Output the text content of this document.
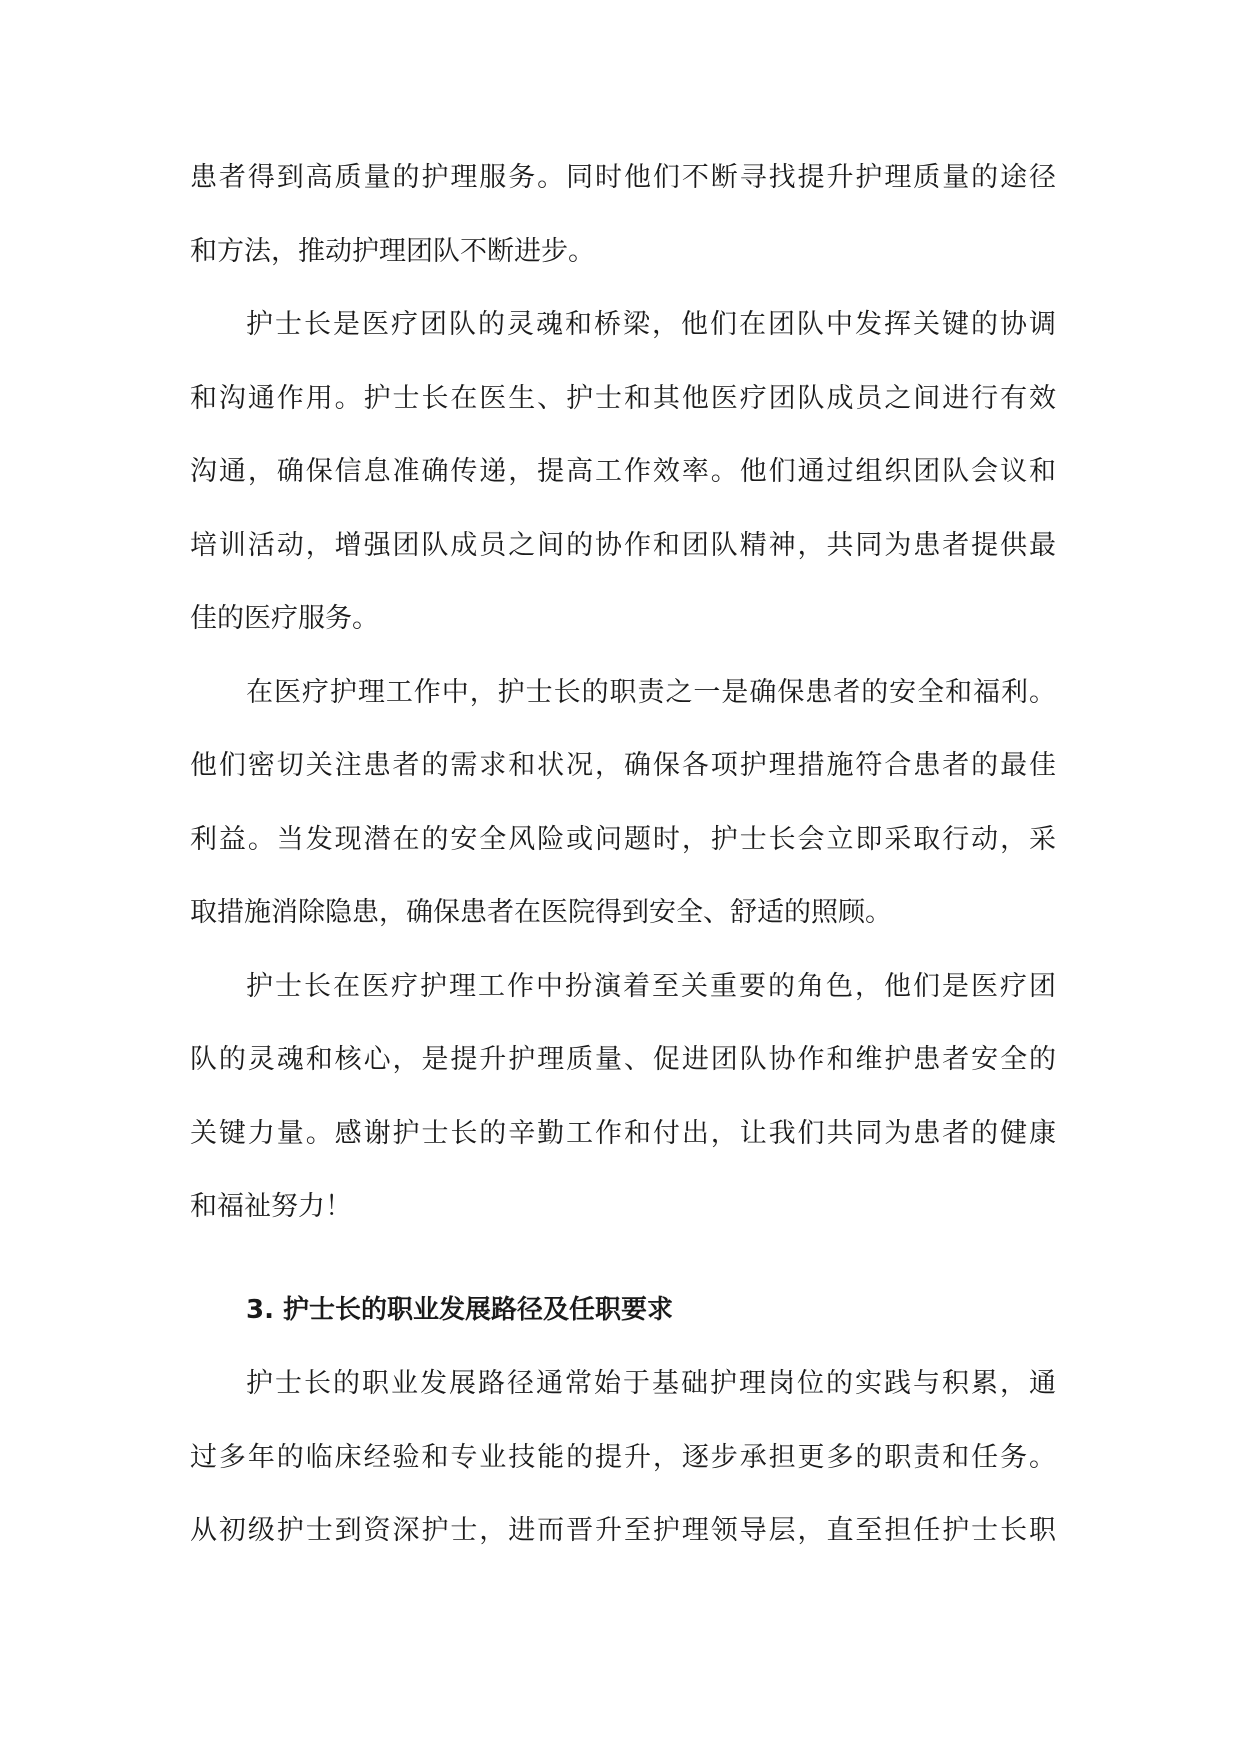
患者得到高质量的护理服务。同时他们不断寻找提升护理质量的途径
和方法，推动护理团队不断进步。
护士长是医疗团队的灵魂和桥梁，他们在团队中发挥关键的协调
和沟通作用。护士长在医生、护士和其他医疗团队成员之间进行有效
沟通，确保信息准确传递，提高工作效率。他们通过组织团队会议和
培训活动，增强团队成员之间的协作和团队精神，共同为患者提供最
佳的医疗服务。
在医疗护理工作中，护士长的职责之一是确保患者的安全和福利。
他们密切关注患者的需求和状况，确保各项护理措施符合患者的最佳
利益。当发现潜在的安全风险或问题时，护士长会立即采取行动，采
取措施消除隐患，确保患者在医院得到安全、舒适的照顾。
护士长在医疗护理工作中扮演着至关重要的角色，他们是医疗团
队的灵魂和核心，是提升护理质量、促进团队协作和维护患者安全的
关键力量。感谢护士长的辛勤工作和付出，让我们共同为患者的健康
和福祉努力！
3. 护士长的职业发展路径及任职要求
护士长的职业发展路径通常始于基础护理岗位的实践与积累，通
过多年的临床经验和专业技能的提升，逐步承担更多的职责和任务。
从初级护士到资深护士，进而晋升至护理领导层，直至担任护士长职
